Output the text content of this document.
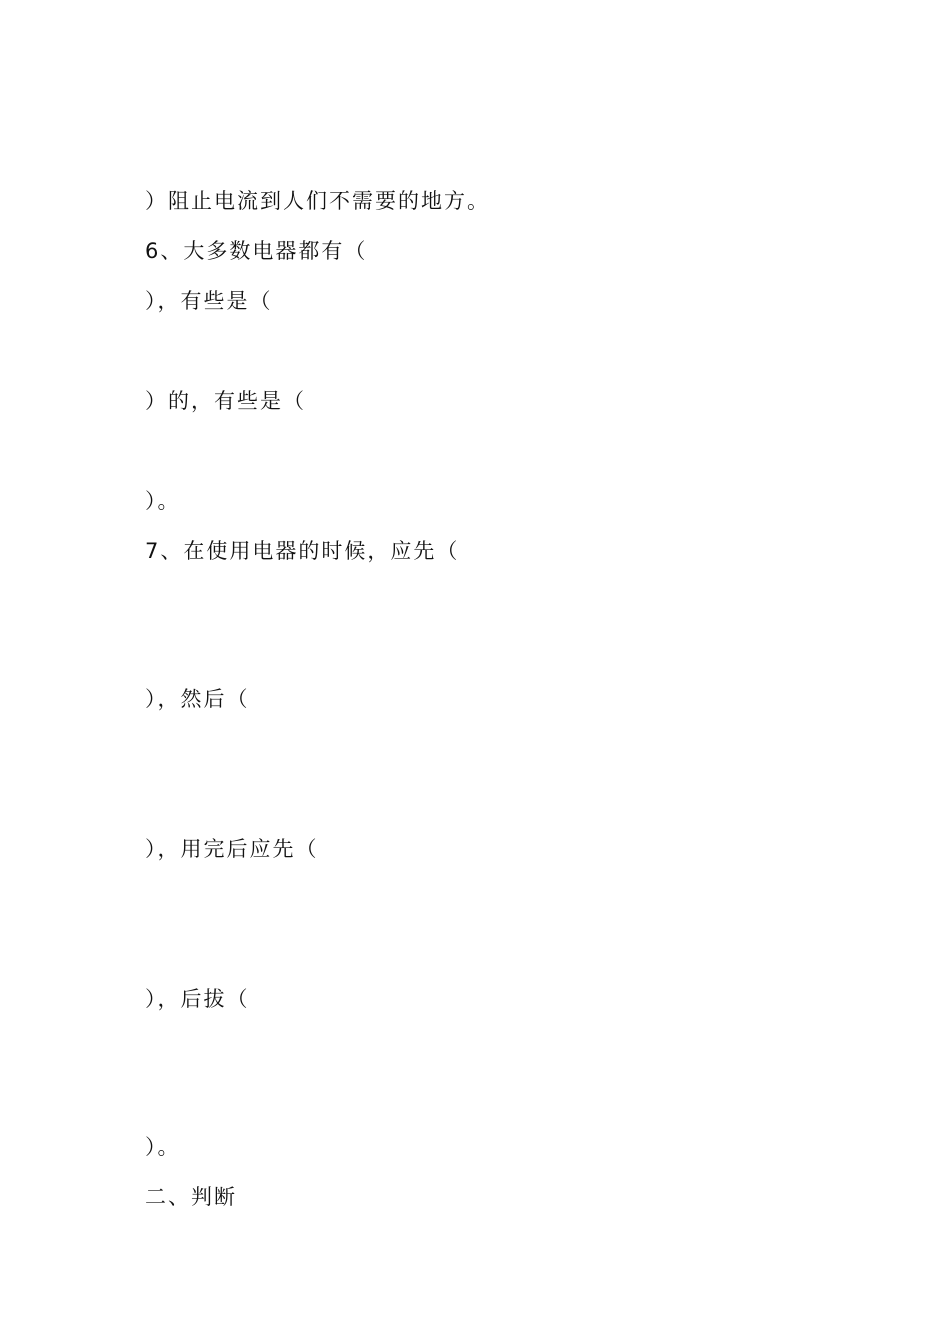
）阻止电流到人们不需要的地方。
6、大多数电器都有（
），有些是（
）的，有些是（
）。
7、在使用电器的时候，应先（
），然后（
），用完后应先（
），后拔（
）。
二、判断
